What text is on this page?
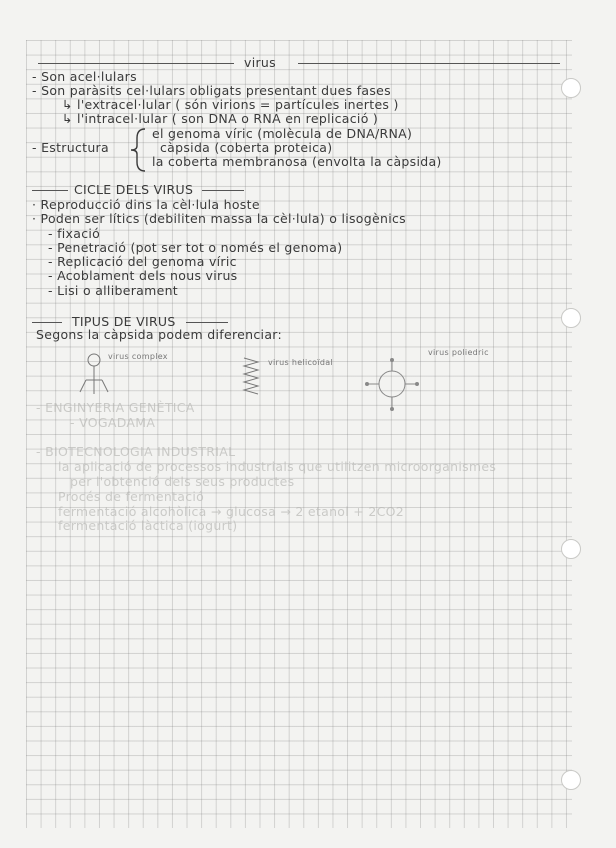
- ENGINYERIA GENÈTICA
- VOGADAMA
- BIOTECNOLOGIA INDUSTRIAL
la aplicació de processos industrials que utilitzen microorganismes
per l'obtenció dels seus productes
Procés de fermentació
fermentació alcohòlica → glucosa → 2 etanol + 2CO2
fermentació làctica (iogurt)
virus
- Son acel·lulars
- Son paràsits cel·lulars obligats presentant dues fases
↳ l'extracel·lular ( són virions = partícules inertes )
↳ l'intracel·lular ( son DNA o RNA en replicació )
- Estructura
el genoma víric (molècula de DNA/RNA)
càpsida (coberta proteica)
la coberta membranosa (envolta la càpsida)
CICLE DELS VIRUS
· Reproducció dins la cèl·lula hoste
· Poden ser lítics (debiliten massa la cèl·lula) o lisogènics
- fixació
- Penetració (pot ser tot o només el genoma)
- Replicació del genoma víric
- Acoblament dels nous virus
- Lisi o alliberament
TIPUS DE VIRUS
Segons la càpsida podem diferenciar:
virus complex
virus helicoïdal
virus poliedric
